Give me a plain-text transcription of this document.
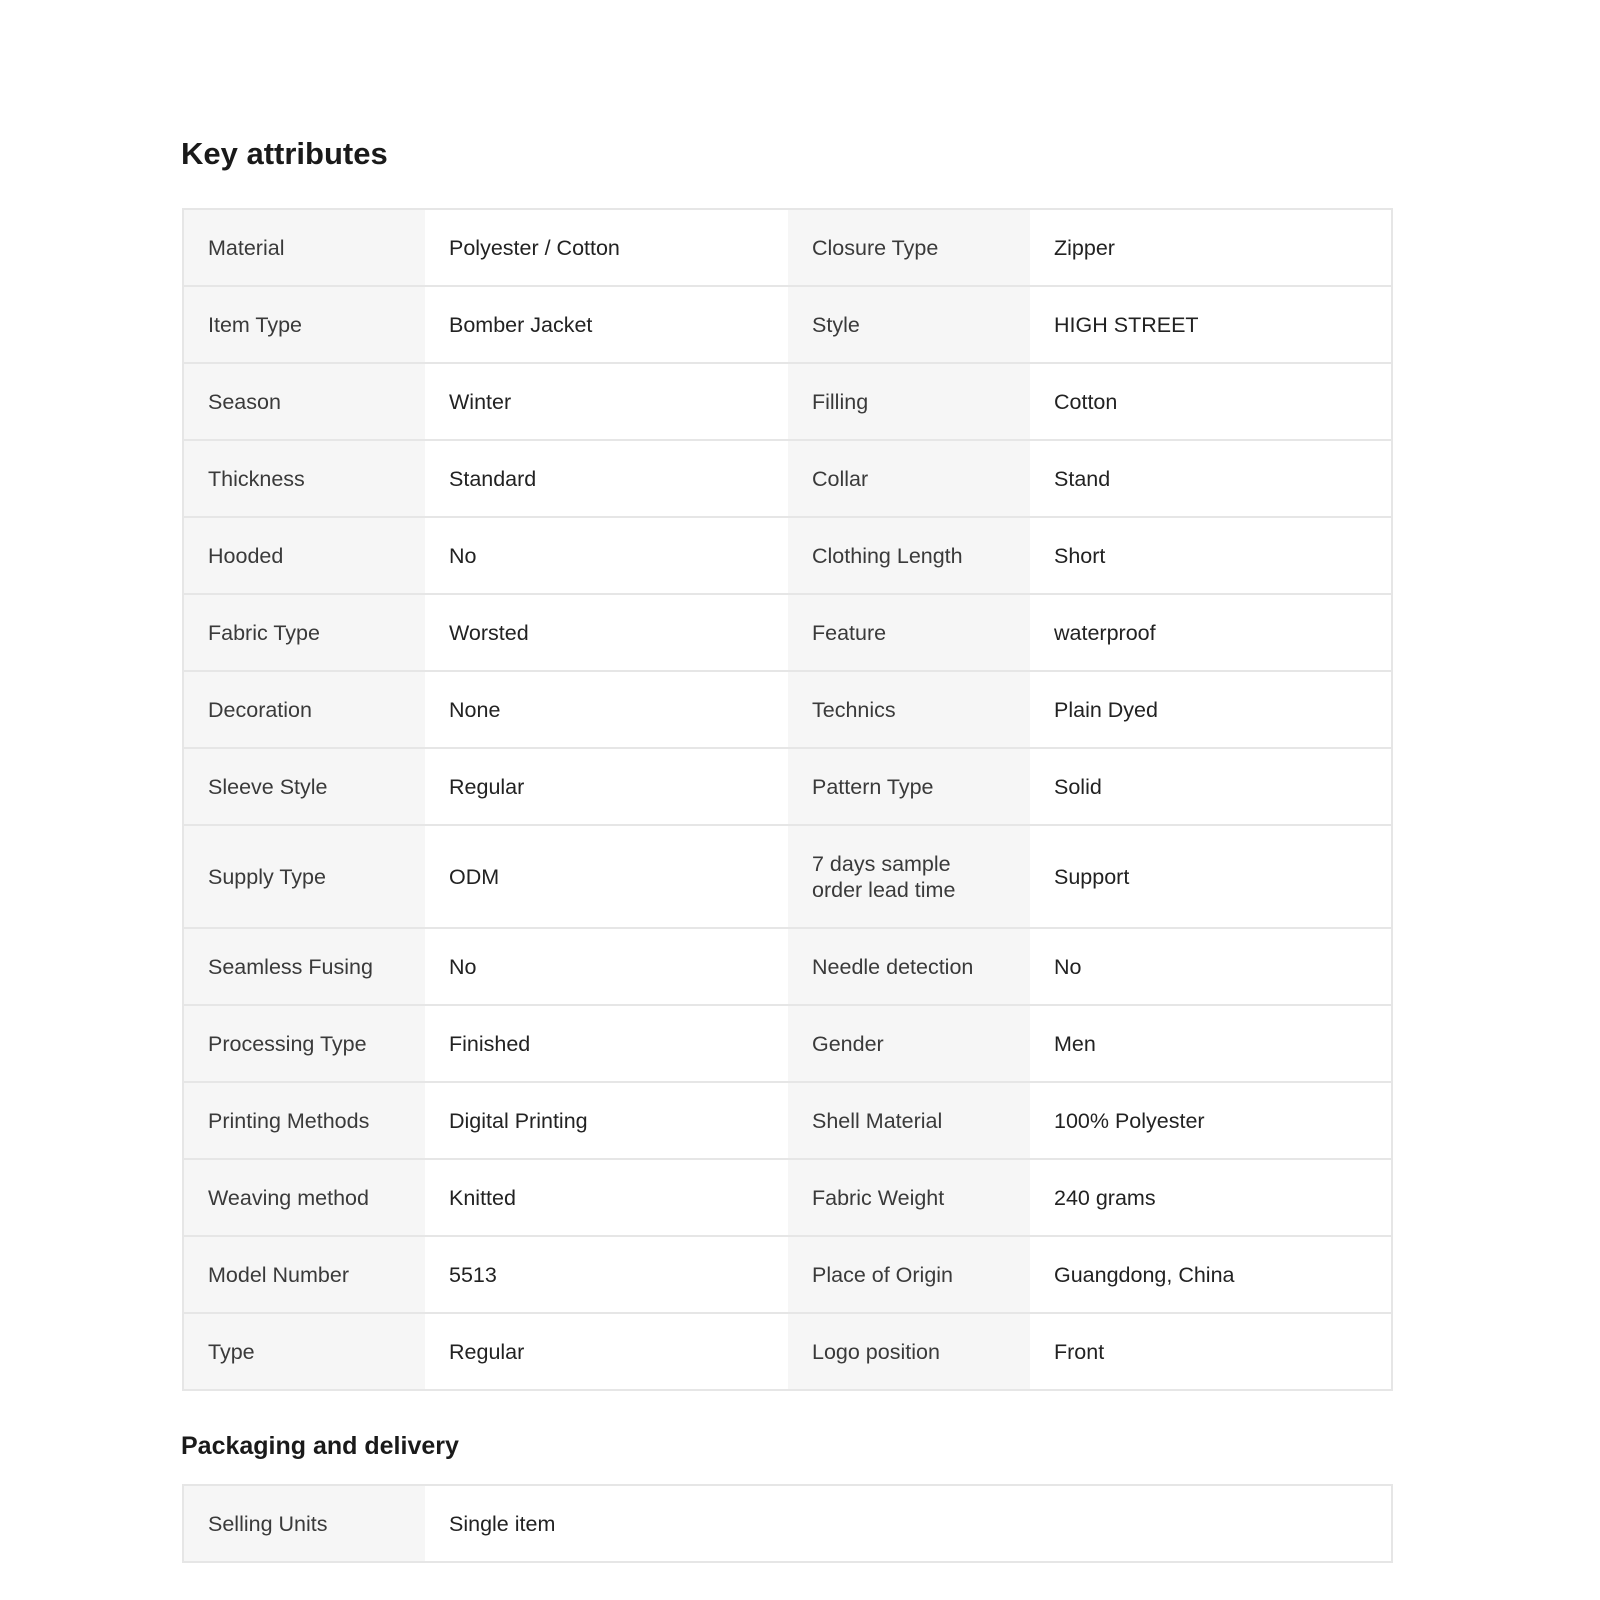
Key attributes
Material	Polyester / Cotton	Closure Type	Zipper
Item Type	Bomber Jacket	Style	HIGH STREET
Season	Winter	Filling	Cotton
Thickness	Standard	Collar	Stand
Hooded	No	Clothing Length	Short
Fabric Type	Worsted	Feature	waterproof
Decoration	None	Technics	Plain Dyed
Sleeve Style	Regular	Pattern Type	Solid
Supply Type	ODM	7 days sample order lead time	Support
Seamless Fusing	No	Needle detection	No
Processing Type	Finished	Gender	Men
Printing Methods	Digital Printing	Shell Material	100% Polyester
Weaving method	Knitted	Fabric Weight	240 grams
Model Number	5513	Place of Origin	Guangdong, China
Type	Regular	Logo position	Front
Packaging and delivery
Selling Units	Single item
